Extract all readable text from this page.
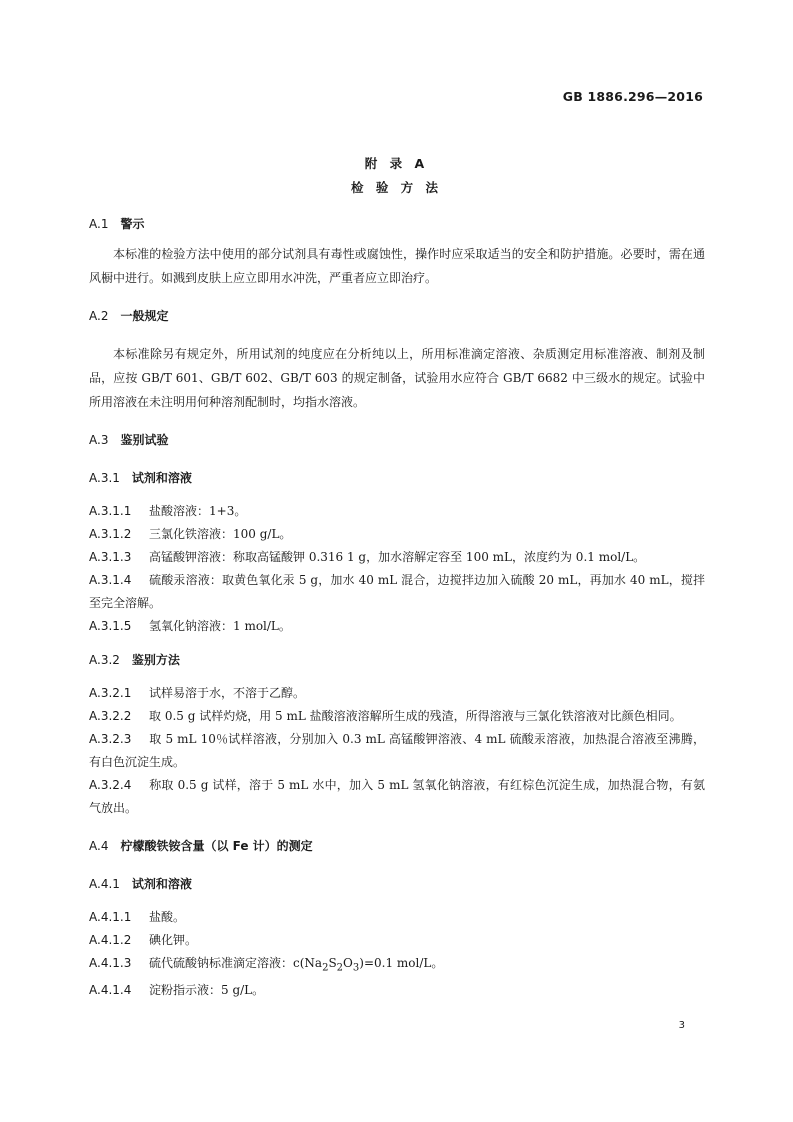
GB 1886.296—2016
附 录 A
检 验 方 法
A.1 警示

本标准的检验方法中使用的部分试剂具有毒性或腐蚀性，操作时应采取适当的安全和防护措施。必要时，需在通风橱中进行。如溅到皮肤上应立即用水冲洗，严重者应立即治疗。

A.2 一般规定

本标准除另有规定外，所用试剂的纯度应在分析纯以上，所用标准滴定溶液、杂质测定用标准溶液、制剂及制品，应按 GB/T 601、GB/T 602、GB/T 603 的规定制备，试验用水应符合 GB/T 6682 中三级水的规定。试验中所用溶液在未注明用何种溶剂配制时，均指水溶液。

A.3 鉴别试验
A.3.1 试剂和溶液

A.3.1.1 盐酸溶液：1+3。

A.3.1.2 三氯化铁溶液：100 g/L。

A.3.1.3 高锰酸钾溶液：称取高锰酸钾 0.316 1 g，加水溶解定容至 100 mL，浓度约为 0.1 mol/L。

A.3.1.4 硫酸汞溶液：取黄色氧化汞 5 g，加水 40 mL 混合，边搅拌边加入硫酸 20 mL，再加水 40 mL，搅拌至完全溶解。

A.3.1.5 氢氧化钠溶液：1 mol/L。

A.3.2 鉴别方法

A.3.2.1 试样易溶于水，不溶于乙醇。

A.3.2.2 取 0.5 g 试样灼烧，用 5 mL 盐酸溶液溶解所生成的残渣，所得溶液与三氯化铁溶液对比颜色相同。

A.3.2.3 取 5 mL 10％试样溶液，分别加入 0.3 mL 高锰酸钾溶液、4 mL 硫酸汞溶液，加热混合溶液至沸腾，有白色沉淀生成。

A.3.2.4 称取 0.5 g 试样，溶于 5 mL 水中，加入 5 mL 氢氧化钠溶液，有红棕色沉淀生成，加热混合物，有氨气放出。

A.4 柠檬酸铁铵含量（以 Fe 计）的测定
A.4.1 试剂和溶液

A.4.1.1 盐酸。

A.4.1.2 碘化钾。

A.4.1.3 硫代硫酸钠标准滴定溶液：$c(Na_2S_2O_3)=0.1$ mol/L。

A.4.1.4 淀粉指示液：5 g/L。

3
